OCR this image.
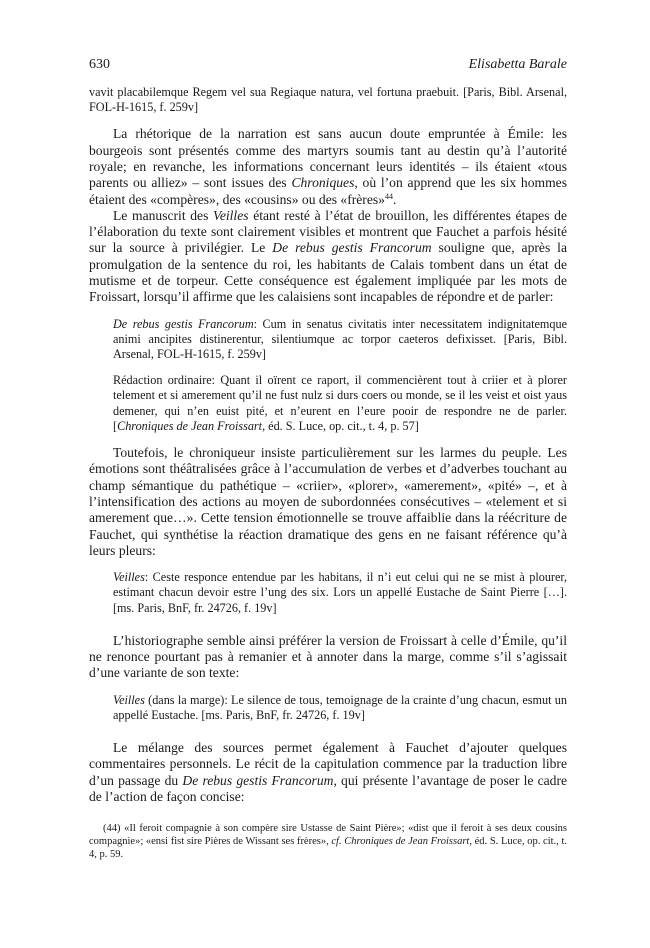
630	Elisabetta Barale
vavit placabilemque Regem vel sua Regiaque natura, vel fortuna praebuit. [Paris, Bibl. Arsenal, FOL-H-1615, f. 259v]

La rhétorique de la narration est sans aucun doute empruntée à Émile: les bourgeois sont présentés comme des martyrs soumis tant au destin qu’à l’autorité royale; en revanche, les informations concernant leurs identités – ils étaient «tous parents ou alliez» – sont issues des Chroniques, où l’on apprend que les six hommes étaient des «compères», des «cousins» ou des «frères»$^{44}$.

Le manuscrit des Veilles étant resté à l’état de brouillon, les différentes étapes de l’élaboration du texte sont clairement visibles et montrent que Fauchet a parfois hésité sur la source à privilégier. Le De rebus gestis Francorum souligne que, après la promulgation de la sentence du roi, les habitants de Calais tombent dans un état de mutisme et de torpeur. Cette conséquence est également impliquée par les mots de Froissart, lorsqu’il affirme que les calaisiens sont incapables de répondre et de parler:

De rebus gestis Francorum: Cum in senatus civitatis inter necessitatem indignitatemque animi ancipites distinerentur, silentiumque ac torpor caeteros defixisset. [Paris, Bibl. Arsenal, FOL-H-1615, f. 259v]
Rédaction ordinaire: Quant il oïrent ce raport, il commencièrent tout à criier et à plorer telement et si amerement qu’il ne fust nulz si durs coers ou monde, se il les veist et oist yaus demener, qui n’en euist pité, et n’eurent en l’eure pooir de respondre ne de parler. [Chroniques de Jean Froissart, éd. S. Luce, op. cit., t. 4, p. 57]

Toutefois, le chroniqueur insiste particulièrement sur les larmes du peuple. Les émotions sont théâtralisées grâce à l’accumulation de verbes et d’adverbes touchant au champ sémantique du pathétique – «criier», «plorer», «amerement», «pité» –, et à l’intensification des actions au moyen de subordonnées consécutives – «telement et si amerement que…». Cette tension émotionnelle se trouve affaiblie dans la réécriture de Fauchet, qui synthétise la réaction dramatique des gens en ne faisant référence qu’à leurs pleurs:

Veilles: Ceste responce entendue par les habitans, il n’i eut celui qui ne se mist à plourer, estimant chacun devoir estre l’ung des six. Lors un appellé Eustache de Saint Pierre […]. [ms. Paris, BnF, fr. 24726, f. 19v]

L’historiographe semble ainsi préférer la version de Froissart à celle d’Émile, qu’il ne renonce pourtant pas à remanier et à annoter dans la marge, comme s’il s’agissait d’une variante de son texte:

Veilles (dans la marge): Le silence de tous, temoignage de la crainte d’ung chacun, esmut un appellé Eustache. [ms. Paris, BnF, fr. 24726, f. 19v]

Le mélange des sources permet également à Fauchet d’ajouter quelques commentaires personnels. Le récit de la capitulation commence par la traduction libre d’un passage du De rebus gestis Francorum, qui présente l’avantage de poser le cadre de l’action de façon concise:

(44) «Il feroit compagnie à son compère sire Ustasse de Saint Pière»; «dist que il feroit à ses deux cousins compagnie»; «ensi fist sire Pières de Wissant ses frères», cf. Chroniques de Jean Froissart, éd. S. Luce, op. cit., t. 4, p. 59.
